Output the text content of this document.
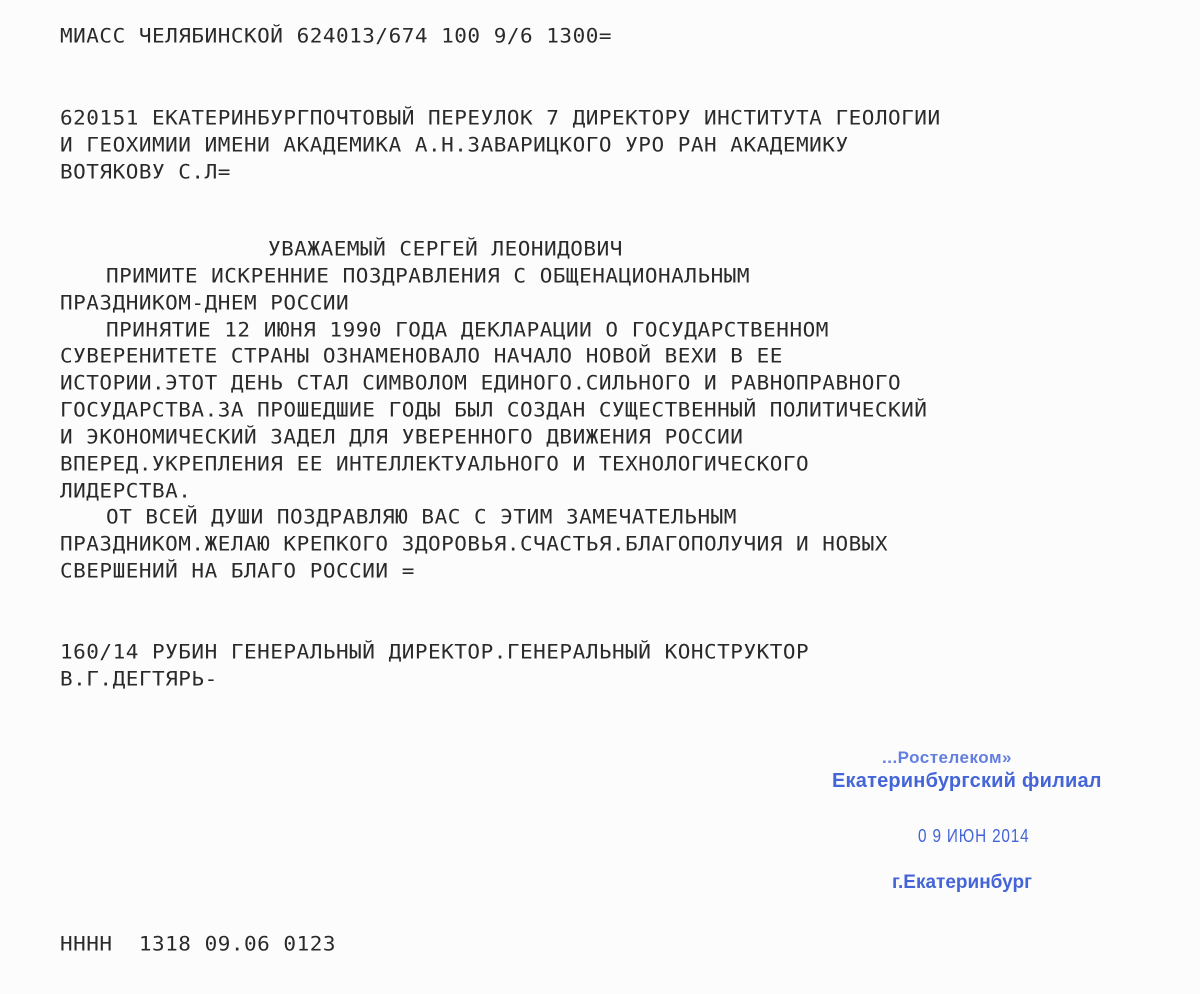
МИАСС ЧЕЛЯБИНСКОЙ 624013/674 100 9/6 1300=
620151 ЕКАТЕРИНБУРГПОЧТОВЫЙ ПЕРЕУЛОК 7 ДИРЕКТОРУ ИНСТИТУТА ГЕОЛОГИИ
И ГЕОХИМИИ ИМЕНИ АКАДЕМИКА А.Н.ЗАВАРИЦКОГО УРО РАН АКАДЕМИКУ
ВОТЯКОВУ С.Л=
УВАЖАЕМЫЙ СЕРГЕЙ ЛЕОНИДОВИЧ
ПРИМИТЕ ИСКРЕННИЕ ПОЗДРАВЛЕНИЯ С ОБЩЕНАЦИОНАЛЬНЫМ
ПРАЗДНИКОМ-ДНЕМ РОССИИ
ПРИНЯТИЕ 12 ИЮНЯ 1990 ГОДА ДЕКЛАРАЦИИ О ГОСУДАРСТВЕННОМ
СУВЕРЕНИТЕТЕ СТРАНЫ ОЗНАМЕНОВАЛО НАЧАЛО НОВОЙ ВЕХИ В ЕЕ
ИСТОРИИ.ЭТОТ ДЕНЬ СТАЛ СИМВОЛОМ ЕДИНОГО.СИЛЬНОГО И РАВНОПРАВНОГО
ГОСУДАРСТВА.ЗА ПРОШЕДШИЕ ГОДЫ БЫЛ СОЗДАН СУЩЕСТВЕННЫЙ ПОЛИТИЧЕСКИЙ
И ЭКОНОМИЧЕСКИЙ ЗАДЕЛ ДЛЯ УВЕРЕННОГО ДВИЖЕНИЯ РОССИИ
ВПЕРЕД.УКРЕПЛЕНИЯ ЕЕ ИНТЕЛЛЕКТУАЛЬНОГО И ТЕХНОЛОГИЧЕСКОГО
ЛИДЕРСТВА.
ОТ ВСЕЙ ДУШИ ПОЗДРАВЛЯЮ ВАС С ЭТИМ ЗАМЕЧАТЕЛЬНЫМ
ПРАЗДНИКОМ.ЖЕЛАЮ КРЕПКОГО ЗДОРОВЬЯ.СЧАСТЬЯ.БЛАГОПОЛУЧИЯ И НОВЫХ
СВЕРШЕНИЙ НА БЛАГО РОССИИ =
160/14 РУБИН ГЕНЕРАЛЬНЫЙ ДИРЕКТОР.ГЕНЕРАЛЬНЫЙ КОНСТРУКТОР
В.Г.ДЕГТЯРЬ-
НННН  1318 09.06 0123
...Ростелеком»
Екатеринбургский филиал
0 9 ИЮН 2014
г.Екатеринбург
